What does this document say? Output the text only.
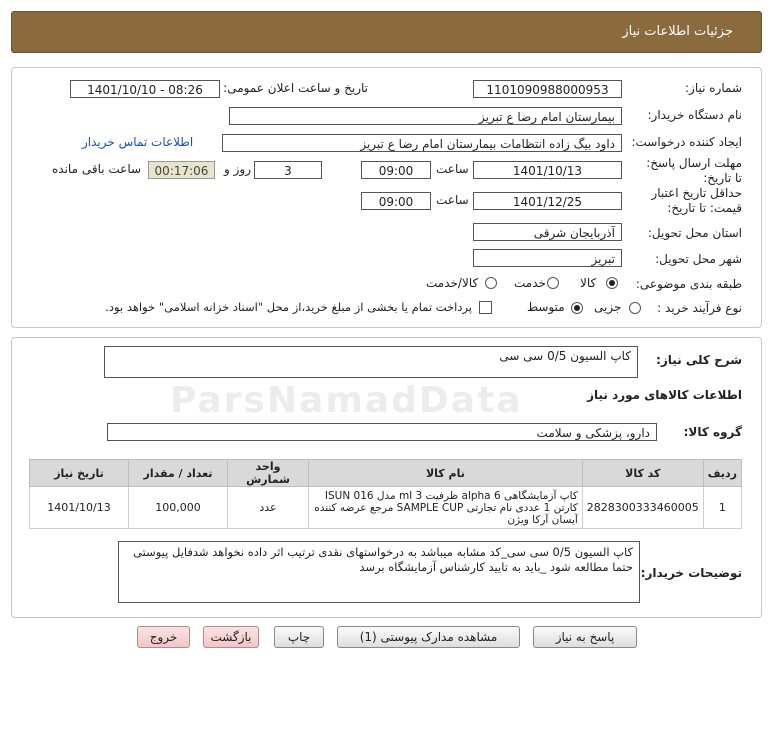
جزئیات اطلاعات نیاز
شماره نیاز:
1101090988000953
تاریخ و ساعت اعلان عمومی:
1401/10/10 - 08:26
نام دستگاه خریدار:
بیمارستان امام رضا ع تبریز
ایجاد کننده درخواست:
داود بیگ زاده انتظامات بیمارستان امام رضا ع تبریز
اطلاعات تماس خریدار
مهلت ارسال پاسخ: تا تاریخ:
1401/10/13
ساعت
09:00
3
روز و
00:17:06
ساعت باقی مانده
حداقل تاریخ اعتبار قیمت: تا تاریخ:
1401/12/25
ساعت
09:00
استان محل تحویل:
آذربایجان شرقی
شهر محل تحویل:
تبریز
طبقه بندی موضوعی:
کالا
خدمت
کالا/خدمت
نوع فرآیند خرید :
جزیی
متوسط
پرداخت تمام یا بخشی از مبلغ خرید،از محل "اسناد خزانه اسلامی" خواهد بود.
شرح کلی نیاز:
کاپ السیون 0/5 سی سی
اطلاعات کالاهای مورد نیاز
ParsNamadData
گروه کالا:
دارو، پزشکی و سلامت
تاریخ نیاز	تعداد / مقدار	واحد شمارش	نام کالا	کد کالا	ردیف
1401/10/13	100,000	عدد	کاپ آزمایشگاهی alpha 6 ظرفیت ml 3 مدل ISUN 016 کارتن 1 عددی نام تجارتی SAMPLE CUP مرجع عرضه کننده آیسان آرکا ویژن	2828300333460005	1
توضیحات خریدار:
کاپ السیون 0/5 سی سی_کد مشابه میباشد به درخواستهای نقدی ترتیب اثر داده نخواهد شدفایل پیوستی حتما مطالعه شود _باید به تایید کارشناس آزمایشگاه برسد
پاسخ به نیاز
مشاهده مدارک پیوستی (1)
چاپ
بازگشت
خروج
